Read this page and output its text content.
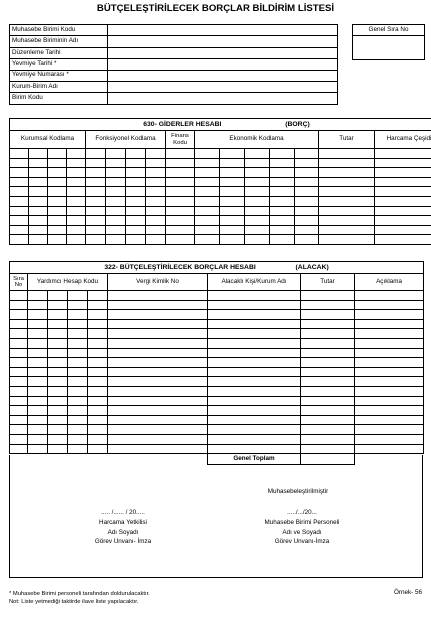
BÜTÇELEŞTİRİLECEK BORÇLAR BİLDİRİM LİSTESİ
Muhasebe Birimi Kodu	
Muhasebe Biriminin Adı	
Düzenleme Tarihi	
Yevmiye Tarihi *	
Yevmiye Numarası *	
Kurum-Birim Adı	
Birim Kodu	
Genel Sıra No
630- GİDERLER HESABI (BORÇ)															
Kurumsal Kodlama				Fonksiyonel Kodlama				Finans Kodu	Ekonomik Kodlama					Tutar	Harcama Çeşidi

322- BÜTÇELEŞTİRİLECEK BORÇLAR HESABI (ALACAK)								
Sıra No	Yardımcı Hesap Kodu				Vergi Kimlik No	Alacaklı Kişi/Kurum Adı	Tutar	Açıklama

						Genel Toplam		
Muhasebeleştirilmiştir
..... /...... / 20.....
Harcama Yetkilisi
Adı Soyadı
Görev Unvanı- İmza
...../.../20...
Muhasebe Birimi Personeli
Adı ve Soyadı
Görev Unvanı-İmza
* Muhasebe Birimi personeli tarafından doldurulacaktır.
Not: Liste yetmediği taktirde ilave liste yapılacaktır.
Örnek- 56
